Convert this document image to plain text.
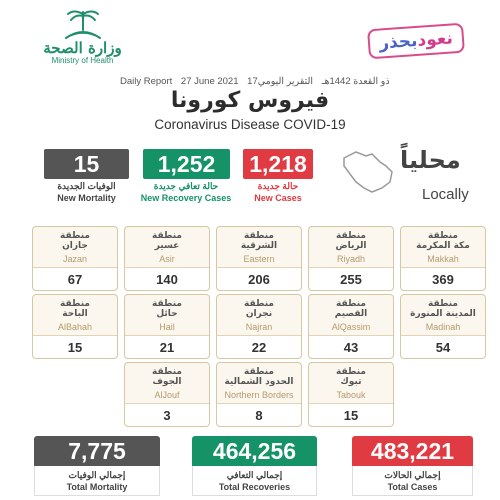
وزارة الصحة
Ministry of Health
نعودبحذر
Daily Report 27 June 2021 17ذو القعدة 1442هـ التقرير اليومي
فيروس كورونا
Coronavirus Disease COVID-19
15	1,252	1,218
الوفيات الجديدة
New Mortality
حالة تعافي جديدة
New Recovery Cases
حالة جديدة
New Cases
محلياً
Locally
منطقة
مكة المكرمة
Makkah
369
منطقة
الرياض
Riyadh
255
منطقة
الشرقية
Eastern
206
منطقة
عسير
Asir
140
منطقة
جازان
Jazan
67
منطقة
المدينة المنورة
Madinah
54
منطقة
القصيم
AlQassim
43
منطقة
نجران
Najran
22
منطقة
حائل
Hail
21
منطقة
الباحة
AlBahah
15
منطقة
تبوك
Tabouk
15
منطقة
الحدود الشمالية
Northern Borders
8
منطقة
الجوف
AlJouf
3
7,775	464,256	483,221
إجمالي الوفيات
Total Mortality
إجمالي التعافي
Total Recoveries
إجمالي الحالات
Total Cases
